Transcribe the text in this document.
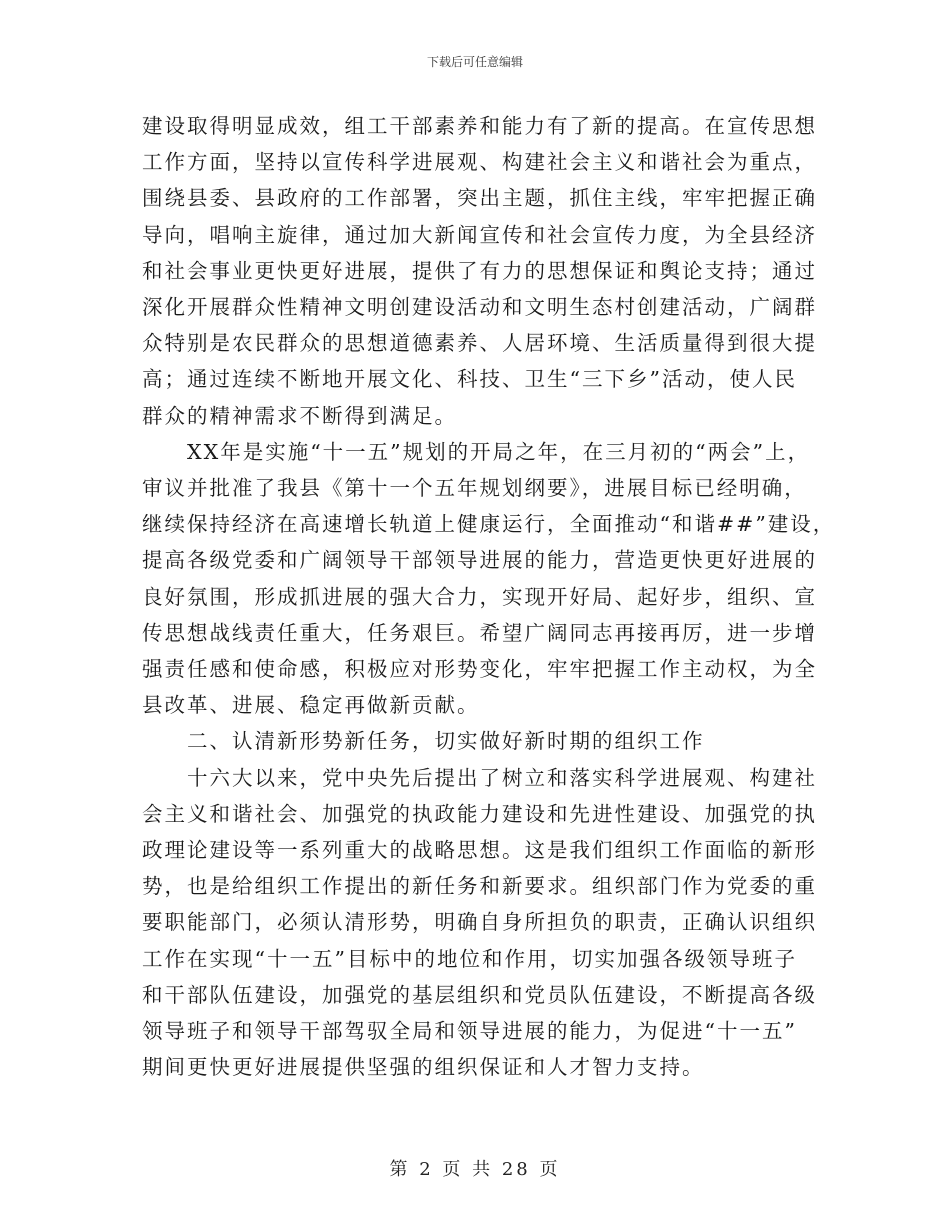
下载后可任意编辑

建设取得明显成效，组工干部素养和能力有了新的提高。在宣传思想
工作方面，坚持以宣传科学进展观、构建社会主义和谐社会为重点，
围绕县委、县政府的工作部署，突出主题，抓住主线，牢牢把握正确
导向，唱响主旋律，通过加大新闻宣传和社会宣传力度，为全县经济
和社会事业更快更好进展，提供了有力的思想保证和舆论支持；通过
深化开展群众性精神文明创建设活动和文明生态村创建活动，广阔群
众特别是农民群众的思想道德素养、人居环境、生活质量得到很大提
高；通过连续不断地开展文化、科技、卫生“三下乡”活动，使人民
群众的精神需求不断得到满足。

　　XX年是实施“十一五”规划的开局之年，在三月初的“两会”上，
审议并批准了我县《第十一个五年规划纲要》，进展目标已经明确，
继续保持经济在高速增长轨道上健康运行，全面推动“和谐##”建设，
提高各级党委和广阔领导干部领导进展的能力，营造更快更好进展的
良好氛围，形成抓进展的强大合力，实现开好局、起好步，组织、宣
传思想战线责任重大，任务艰巨。希望广阔同志再接再厉，进一步增
强责任感和使命感，积极应对形势变化，牢牢把握工作主动权，为全
县改革、进展、稳定再做新贡献。

　　二、认清新形势新任务，切实做好新时期的组织工作

　　十六大以来，党中央先后提出了树立和落实科学进展观、构建社
会主义和谐社会、加强党的执政能力建设和先进性建设、加强党的执
政理论建设等一系列重大的战略思想。这是我们组织工作面临的新形
势，也是给组织工作提出的新任务和新要求。组织部门作为党委的重
要职能部门，必须认清形势，明确自身所担负的职责，正确认识组织
工作在实现“十一五”目标中的地位和作用，切实加强各级领导班子
和干部队伍建设，加强党的基层组织和党员队伍建设，不断提高各级
领导班子和领导干部驾驭全局和领导进展的能力，为促进“十一五”
期间更快更好进展提供坚强的组织保证和人才智力支持。

第 2 页 共 28 页
